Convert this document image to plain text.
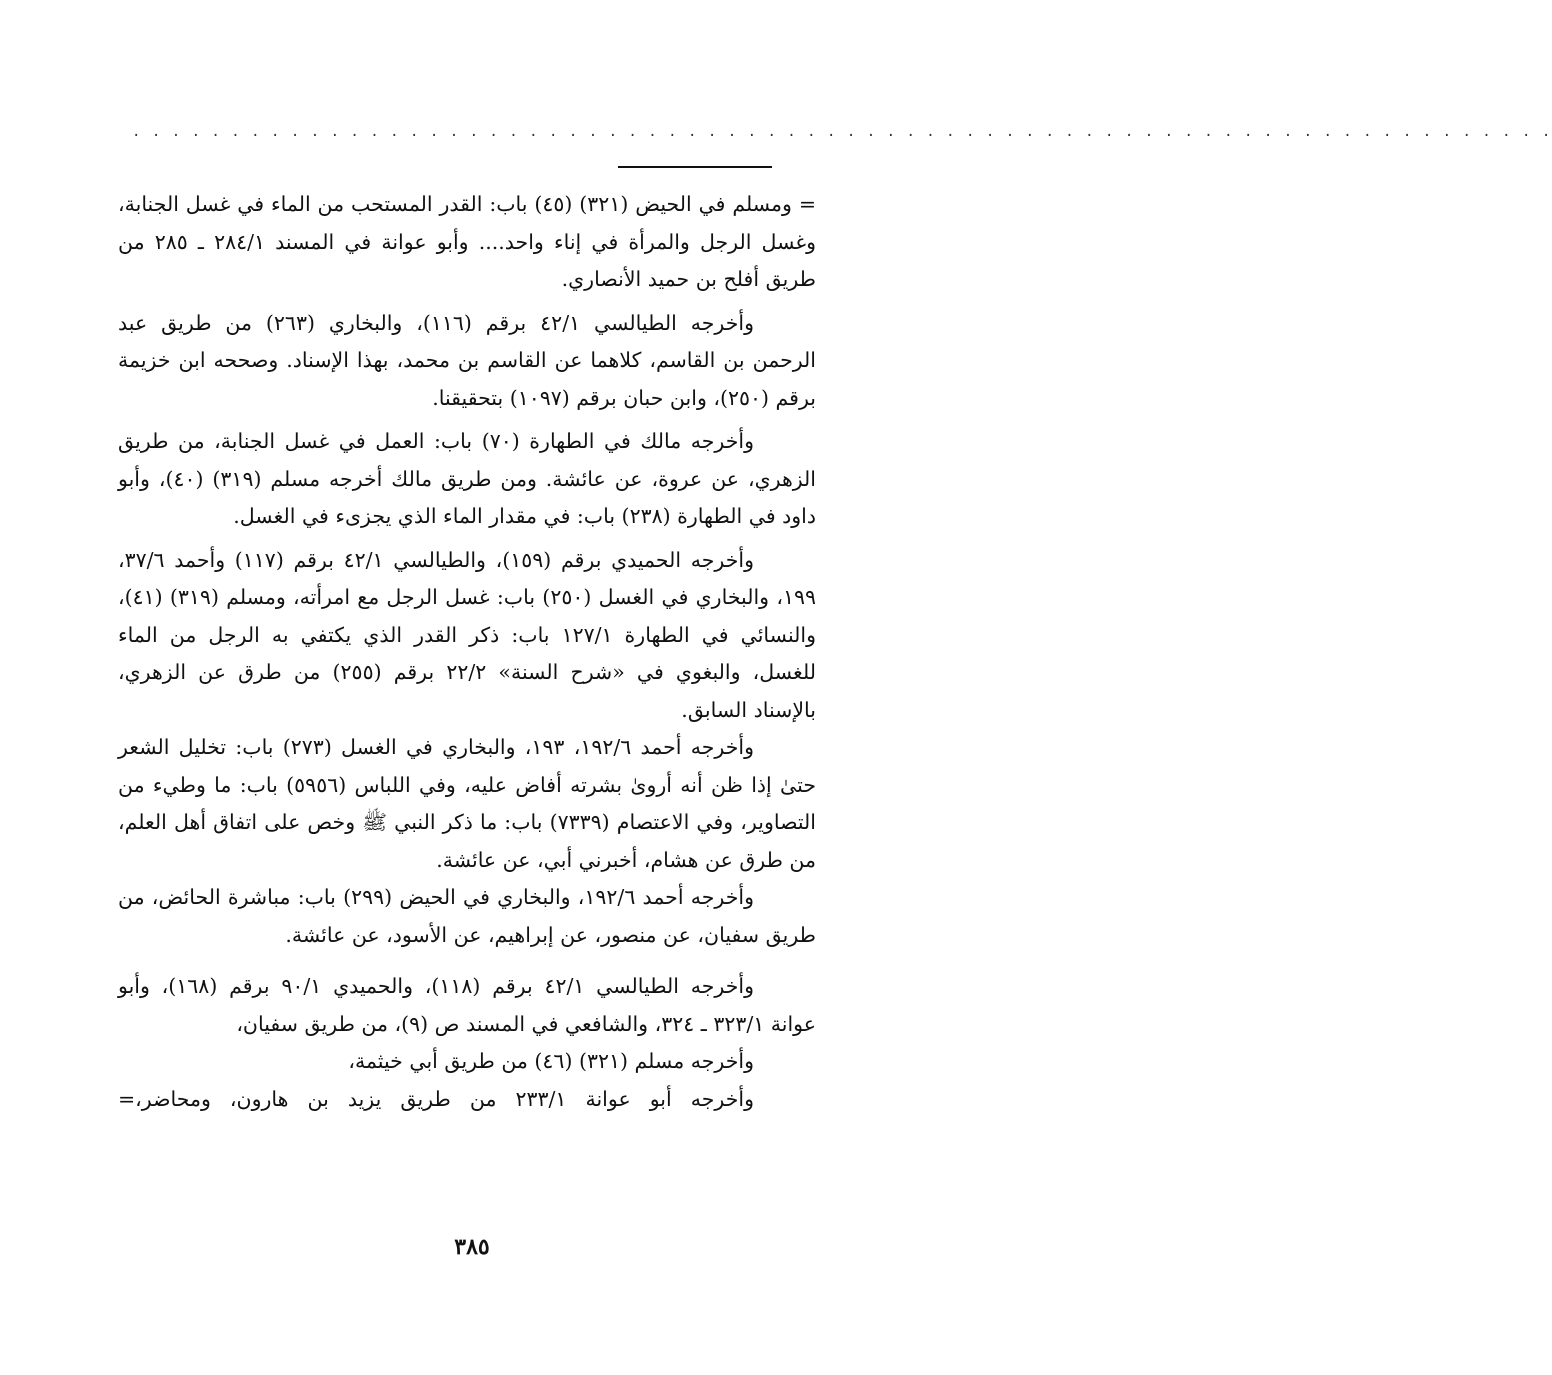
· · · · · · · · · · · · · · · · · · · · · · · · · · · · · · · · · · · · · · · · · · · · · · · · · · · · · · · · · · · · · · · · · · · · · · · ·

= ومسلم في الحيض (٣٢١) (٤٥) باب: القدر المستحب من الماء في غسل الجنابة، وغسل الرجل والمرأة في إناء واحد.... وأبو عوانة في المسند ٢٨٤/١ ـ ٢٨٥ من طريق أفلح بن حميد الأنصاري.

وأخرجه الطيالسي ٤٢/١ برقم (١١٦)، والبخاري (٢٦٣) من طريق عبد الرحمن بن القاسم، كلاهما عن القاسم بن محمد، بهذا الإسناد. وصححه ابن خزيمة برقم (٢٥٠)، وابن حبان برقم (١٠٩٧) بتحقيقنا.

وأخرجه مالك في الطهارة (٧٠) باب: العمل في غسل الجنابة، من طريق الزهري، عن عروة، عن عائشة. ومن طريق مالك أخرجه مسلم (٣١٩) (٤٠)، وأبو داود في الطهارة (٢٣٨) باب: في مقدار الماء الذي يجزىء في الغسل.

وأخرجه الحميدي برقم (١٥٩)، والطيالسي ٤٢/١ برقم (١١٧) وأحمد ٣٧/٦، ١٩٩، والبخاري في الغسل (٢٥٠) باب: غسل الرجل مع امرأته، ومسلم (٣١٩) (٤١)، والنسائي في الطهارة ١٢٧/١ باب: ذكر القدر الذي يكتفي به الرجل من الماء للغسل، والبغوي في «شرح السنة» ٢٢/٢ برقم (٢٥٥) من طرق عن الزهري، بالإسناد السابق.

وأخرجه أحمد ١٩٢/٦، ١٩٣، والبخاري في الغسل (٢٧٣) باب: تخليل الشعر حتىٰ إذا ظن أنه أروىٰ بشرته أفاض عليه، وفي اللباس (٥٩٥٦) باب: ما وطيء من التصاوير، وفي الاعتصام (٧٣٣٩) باب: ما ذكر النبي ﷺ وخص على اتفاق أهل العلم، من طرق عن هشام، أخبرني أبي، عن عائشة.

وأخرجه أحمد ١٩٢/٦، والبخاري في الحيض (٢٩٩) باب: مباشرة الحائض، من طريق سفيان، عن منصور، عن إبراهيم، عن الأسود، عن عائشة.

وأخرجه الطيالسي ٤٢/١ برقم (١١٨)، والحميدي ٩٠/١ برقم (١٦٨)، وأبو عوانة ٣٢٣/١ ـ ٣٢٤، والشافعي في المسند ص (٩)، من طريق سفيان،

وأخرجه مسلم (٣٢١) (٤٦) من طريق أبي خيثمة،

وأخرجه أبو عوانة ٢٣٣/١ من طريق يزيد بن هارون، ومحاضر،=

٣٨٥
